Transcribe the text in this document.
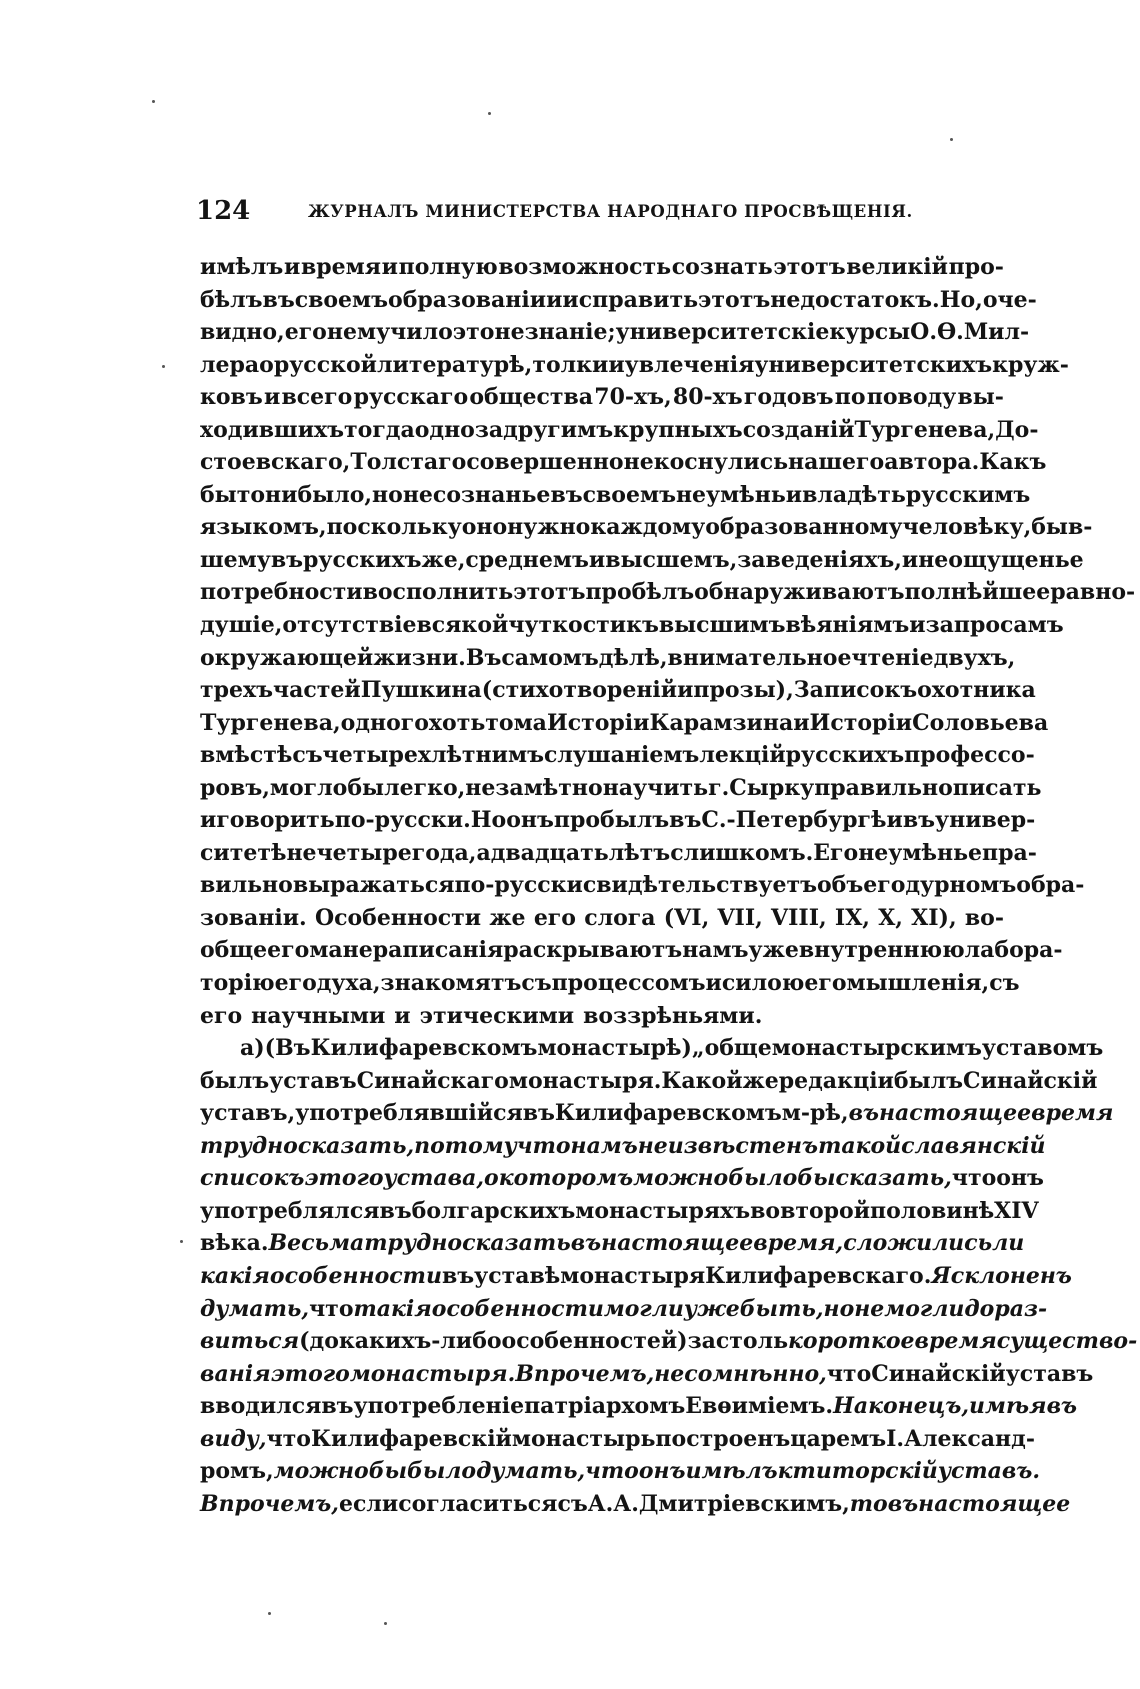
124	ЖУРНАЛЪ МИНИСТЕРСТВА НАРОДНАГО ПРОСВѢЩЕНІЯ.
имѣлъ и время и полную возможность сознать этотъ великій про-
бѣлъ въ своемъ образованіи и исправить этотъ недостатокъ. Но, оче-
видно, его не мучило это незнаніе; университетскіе курсы О. Ѳ. Мил-
лера о русской литературѣ, толки и увлеченія университетскихъ круж-
ковъ и всего русскаго общества 70-хъ, 80-хъ годовъ по поводу вы-
ходившихъ тогда одно за другимъ крупныхъ созданій Тургенева, До-
стоевскаго, Толстаго совершенно не коснулись нашего автора. Какъ
бы то ни было, но несознанье въ своемъ неумѣньи владѣть русскимъ
языкомъ, поскольку оно нужно каждому образованному человѣку, быв-
шему въ русскихъ же, среднемъ и высшемъ, заведеніяхъ, и неощущенье
потребности восполнить этотъ пробѣлъ обнаруживаютъ полнѣйшее равно-
душіе, отсутствіе всякой чуткости къ высшимъ вѣяніямъ и запросамъ
окружающей жизни. Въ самомъ дѣлѣ, внимательное чтеніе двухъ,
трехъ частей Пушкина (стихотвореній и прозы), Записокъ охотника
Тургенева, одного хоть тома Исторіи Карамзина и Исторіи Соловьева
вмѣстѣ съ четырехлѣтнимъ слушаніемъ лекцій русскихъ профессо-
ровъ, могло бы легко, незамѣтно научить г. Сырку правильно писать
и говорить по-русски. Но онъ пробылъ въ С.-Петербургѣ и въ универ-
ситетѣ не четыре года, а двадцать лѣтъ слишкомъ. Его неумѣнье пра-
вильно выражаться по-русски свидѣтельствуетъ объ его дурномъ обра-
зованіи. Особенности же его слога (VI, VII, VIII, IX, X, XI), во-
обще его манера писанія раскрываютъ намъ уже внутреннюю лабора-
торію его духа, знакомятъ съ процессомъ и силою его мышленія, съ
его научными и этическими воззрѣньями.
а) (Въ Килифаревскомъ монастырѣ) „общемонастырскимъ уставомъ
былъ уставъ Синайскаго монастыря. Какой же редакціи былъ Синайскій
уставъ, употреблявшійся въ Килифаревскомъ м-рѣ, въ настоящее время
трудно сказать, потому что намъ неизвѣстенъ такой славянскій
списокъ этого устава, о которомъ можно было бы сказать, что онъ
употреблялся въ болгарскихъ монастыряхъ во второй половинѣ XIV
вѣка. Весьма трудно сказать въ настоящее время, сложились ли
какія особенности въ уставѣ монастыря Килифаревскаго. Я склоненъ
думать, что такія особенности могли уже быть, но не могли дораз-
виться (до какихъ-либо особенностей) за столь короткое время существо-
ванія этого монастыря. Впрочемъ, несомнѣнно, что Синайскій уставъ
вводился въ употребленіе патріархомъ Евѳиміемъ. Наконецъ, имѣя въ
виду, что Килифаревскій монастырь построенъ царемъ I. Александ-
ромъ, можно бы было думать, что онъ имѣлъ ктиторскій уставъ.
Впрочемъ, если согласиться съ А. А. Дмитріевскимъ, то въ настоящее
